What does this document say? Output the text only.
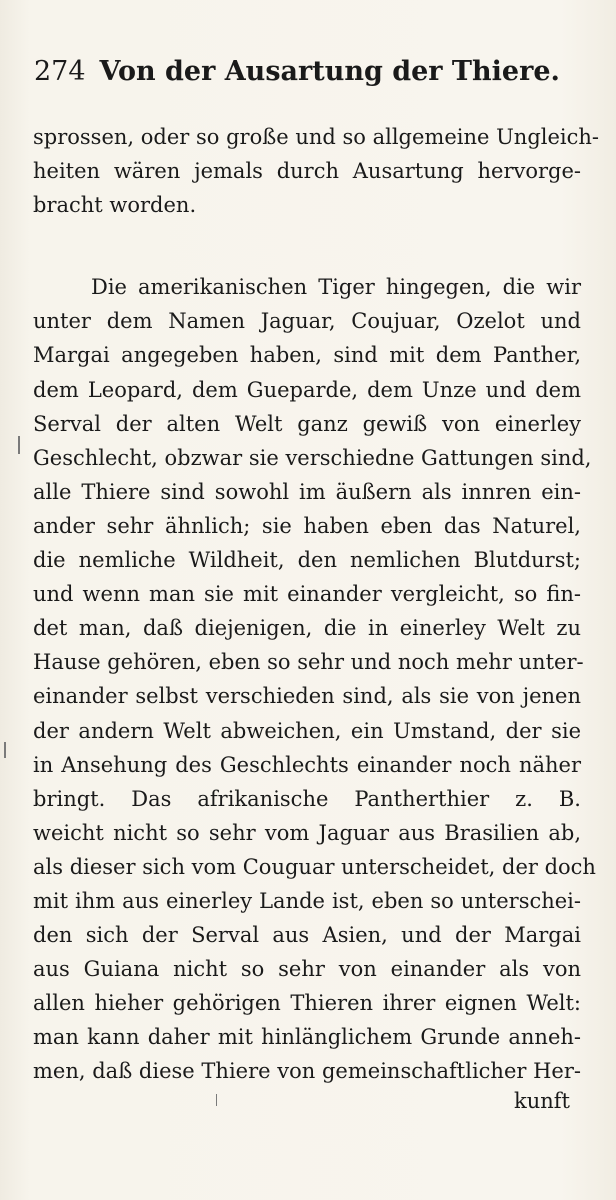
274 Von der Ausartung der Thiere.
sprossen, oder so große und so allgemeine Ungleich-
heiten wären jemals durch Ausartung hervorge-
bracht worden.
Die amerikanischen Tiger hingegen, die wir
unter dem Namen Jaguar, Coujuar, Ozelot und
Margai angegeben haben, sind mit dem Panther,
dem Leopard, dem Gueparde, dem Unze und dem
Serval der alten Welt ganz gewiß von einerley
Geschlecht, obzwar sie verschiedne Gattungen sind,
alle Thiere sind sowohl im äußern als innren ein-
ander sehr ähnlich; sie haben eben das Naturel,
die nemliche Wildheit, den nemlichen Blutdurst;
und wenn man sie mit einander vergleicht, so fin-
det man, daß diejenigen, die in einerley Welt zu
Hause gehören, eben so sehr und noch mehr unter-
einander selbst verschieden sind, als sie von jenen
der andern Welt abweichen, ein Umstand, der sie
in Ansehung des Geschlechts einander noch näher
bringt. Das afrikanische Pantherthier z. B.
weicht nicht so sehr vom Jaguar aus Brasilien ab,
als dieser sich vom Couguar unterscheidet, der doch
mit ihm aus einerley Lande ist, eben so unterschei-
den sich der Serval aus Asien, und der Margai
aus Guiana nicht so sehr von einander als von
allen hieher gehörigen Thieren ihrer eignen Welt:
man kann daher mit hinlänglichem Grunde anneh-
men, daß diese Thiere von gemeinschaftlicher Her-
kunft
